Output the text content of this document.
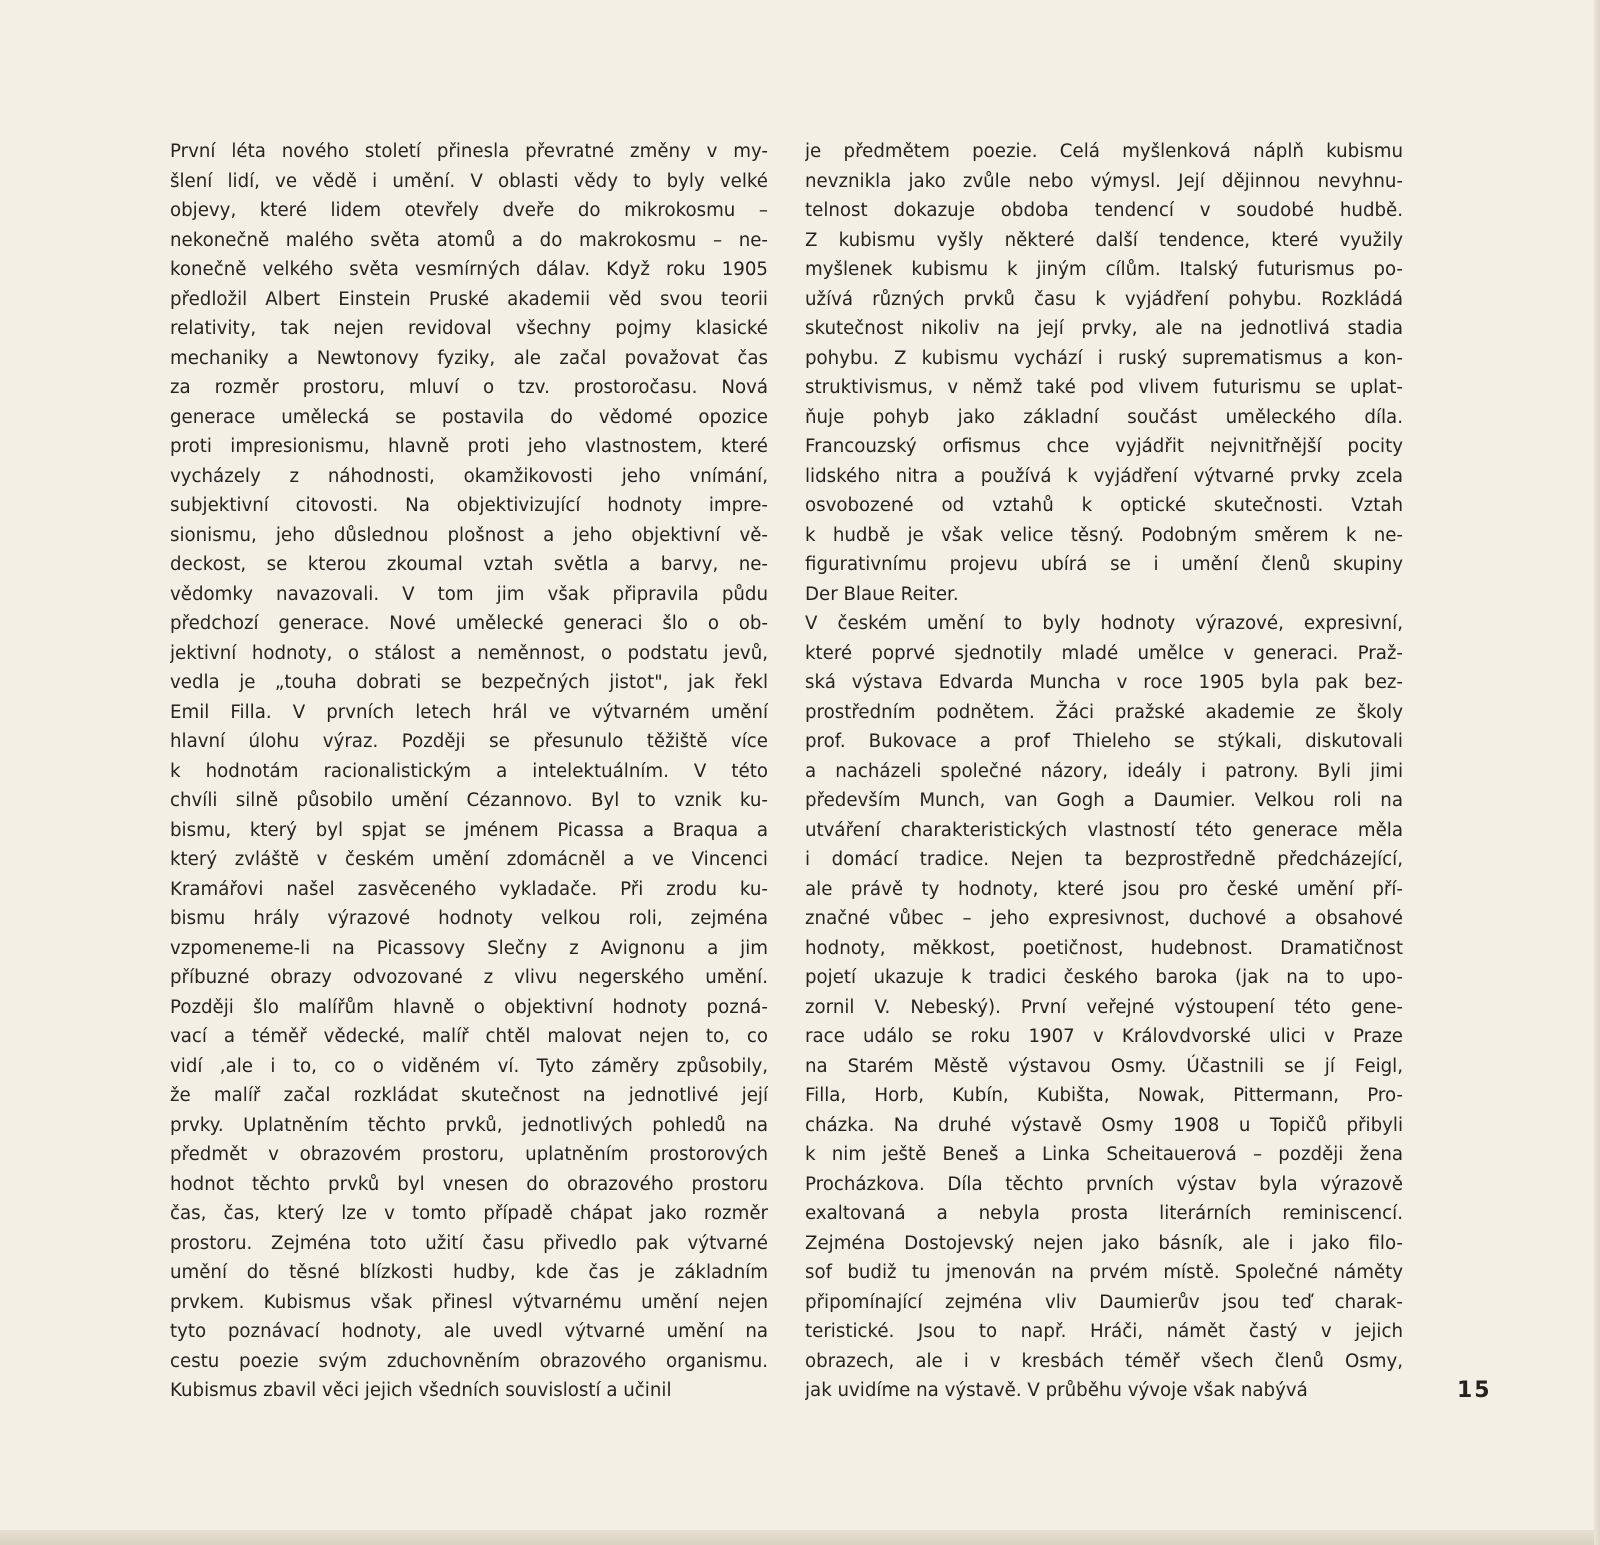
První léta nového století přinesla převratné změny v my-
šlení lidí, ve vědě i umění. V oblasti vědy to byly velké
objevy, které lidem otevřely dveře do mikrokosmu –
nekonečně malého světa atomů a do makrokosmu – ne-
konečně velkého světa vesmírných dálav. Když roku 1905
předložil Albert Einstein Pruské akademii věd svou teorii
relativity, tak nejen revidoval všechny pojmy klasické
mechaniky a Newtonovy fyziky, ale začal považovat čas
za rozměr prostoru, mluví o tzv. prostoročasu. Nová
generace umělecká se postavila do vědomé opozice
proti impresionismu, hlavně proti jeho vlastnostem, které
vycházely z náhodnosti, okamžikovosti jeho vnímání,
subjektivní citovosti. Na objektivizující hodnoty impre-
sionismu, jeho důslednou plošnost a jeho objektivní vě-
deckost, se kterou zkoumal vztah světla a barvy, ne-
vědomky navazovali. V tom jim však připravila půdu
předchozí generace. Nové umělecké generaci šlo o ob-
jektivní hodnoty, o stálost a neměnnost, o podstatu jevů,
vedla je „touha dobrati se bezpečných jistot", jak řekl
Emil Filla. V prvních letech hrál ve výtvarném umění
hlavní úlohu výraz. Později se přesunulo těžiště více
k hodnotám racionalistickým a intelektuálním. V této
chvíli silně působilo umění Cézannovo. Byl to vznik ku-
bismu, který byl spjat se jménem Picassa a Braqua a
který zvláště v českém umění zdomácněl a ve Vincenci
Kramářovi našel zasvěceného vykladače. Při zrodu ku-
bismu hrály výrazové hodnoty velkou roli, zejména
vzpomeneme-li na Picassovy Slečny z Avignonu a jim
příbuzné obrazy odvozované z vlivu negerského umění.
Později šlo malířům hlavně o objektivní hodnoty pozná-
vací a téměř vědecké, malíř chtěl malovat nejen to, co
vidí ,ale i to, co o viděném ví. Tyto záměry způsobily,
že malíř začal rozkládat skutečnost na jednotlivé její
prvky. Uplatněním těchto prvků, jednotlivých pohledů na
předmět v obrazovém prostoru, uplatněním prostorových
hodnot těchto prvků byl vnesen do obrazového prostoru
čas, čas, který lze v tomto případě chápat jako rozměr
prostoru. Zejména toto užití času přivedlo pak výtvarné
umění do těsné blízkosti hudby, kde čas je základním
prvkem. Kubismus však přinesl výtvarnému umění nejen
tyto poznávací hodnoty, ale uvedl výtvarné umění na
cestu poezie svým zduchovněním obrazového organismu.
Kubismus zbavil věci jejich všedních souvislostí a učinil
je předmětem poezie. Celá myšlenková náplň kubismu
nevznikla jako zvůle nebo výmysl. Její dějinnou nevyhnu-
telnost dokazuje obdoba tendencí v soudobé hudbě.
Z kubismu vyšly některé další tendence, které využily
myšlenek kubismu k jiným cílům. Italský futurismus po-
užívá různých prvků času k vyjádření pohybu. Rozkládá
skutečnost nikoliv na její prvky, ale na jednotlivá stadia
pohybu. Z kubismu vychází i ruský suprematismus a kon-
struktivismus, v němž také pod vlivem futurismu se uplat-
ňuje pohyb jako základní součást uměleckého díla.
Francouzský orfismus chce vyjádřit nejvnitřnější pocity
lidského nitra a používá k vyjádření výtvarné prvky zcela
osvobozené od vztahů k optické skutečnosti. Vztah
k hudbě je však velice těsný. Podobným směrem k ne-
figurativnímu projevu ubírá se i umění členů skupiny
Der Blaue Reiter.
V českém umění to byly hodnoty výrazové, expresivní,
které poprvé sjednotily mladé umělce v generaci. Praž-
ská výstava Edvarda Muncha v roce 1905 byla pak bez-
prostředním podnětem. Žáci pražské akademie ze školy
prof. Bukovace a prof Thieleho se stýkali, diskutovali
a nacházeli společné názory, ideály i patrony. Byli jimi
především Munch, van Gogh a Daumier. Velkou roli na
utváření charakteristických vlastností této generace měla
i domácí tradice. Nejen ta bezprostředně předcházející,
ale právě ty hodnoty, které jsou pro české umění pří-
značné vůbec – jeho expresivnost, duchové a obsahové
hodnoty, měkkost, poetičnost, hudebnost. Dramatičnost
pojetí ukazuje k tradici českého baroka (jak na to upo-
zornil V. Nebeský). První veřejné výstoupení této gene-
race událo se roku 1907 v Královdvorské ulici v Praze
na Starém Městě výstavou Osmy. Účastnili se jí Feigl,
Filla, Horb, Kubín, Kubišta, Nowak, Pittermann, Pro-
cházka. Na druhé výstavě Osmy 1908 u Topičů přibyli
k nim ještě Beneš a Linka Scheitauerová – později žena
Procházkova. Díla těchto prvních výstav byla výrazově
exaltovaná a nebyla prosta literárních reminiscencí.
Zejména Dostojevský nejen jako básník, ale i jako filo-
sof budiž tu jmenován na prvém místě. Společné náměty
připomínající zejména vliv Daumierův jsou teď charak-
teristické. Jsou to např. Hráči, námět častý v jejich
obrazech, ale i v kresbách téměř všech členů Osmy,
jak uvidíme na výstavě. V průběhu vývoje však nabývá	15
